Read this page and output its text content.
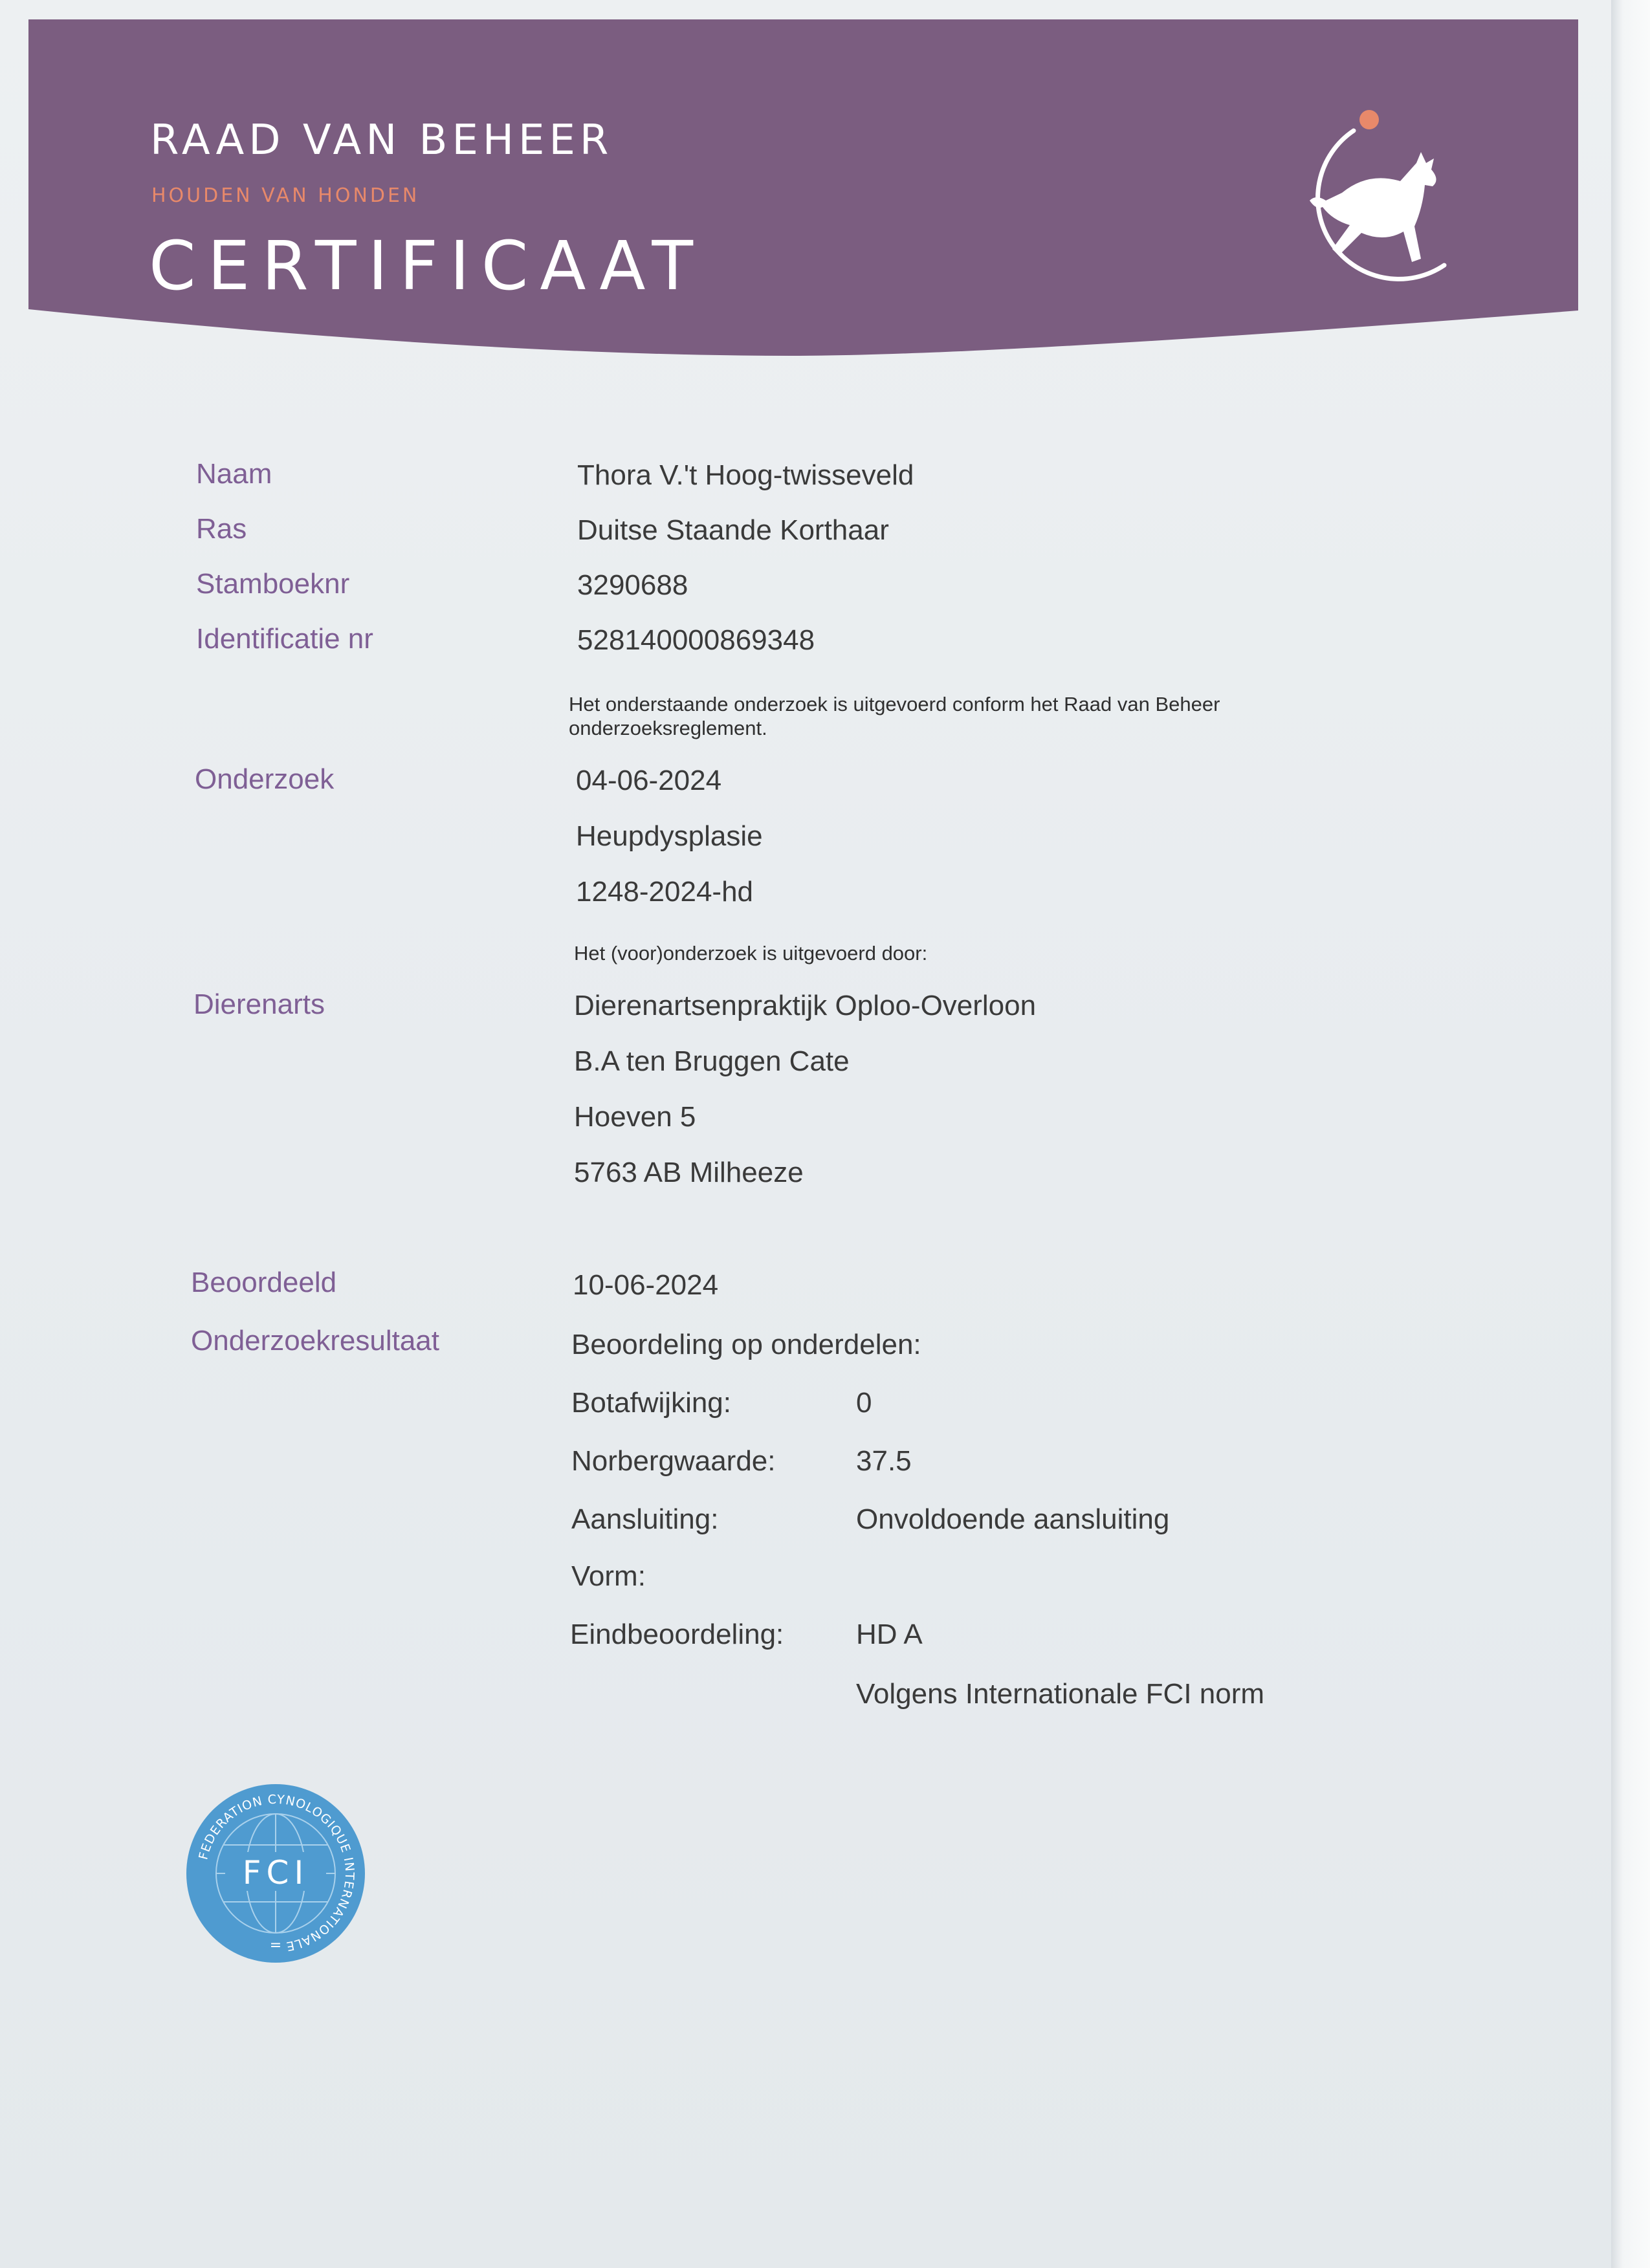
RAAD VAN BEHEER
HOUDEN VAN HONDEN
CERTIFICAAT
Naam	Thora V.'t Hoog-twisseveld
Ras	Duitse Staande Korthaar
Stamboeknr	3290688
Identificatie nr	528140000869348
Het onderstaande onderzoek is uitgevoerd conform het Raad van Beheer onderzoeksreglement.
Onderzoek	04-06-2024
Heupdysplasie
1248-2024-hd
Het (voor)onderzoek is uitgevoerd door:
Dierenarts	Dierenartsenpraktijk Oploo-Overloon
B.A ten Bruggen Cate
Hoeven 5
5763 AB Milheeze
Beoordeeld	10-06-2024
Onderzoekresultaat	Beoordeling op onderdelen:
Botafwijking:	0
Norbergwaarde:	37.5
Aansluiting:	Onvoldoende aansluiting
Vorm:
Eindbeoordeling:	HD A
Volgens Internationale FCI norm
FCI
FEDERATION CYNOLOGIQUE INTERNATIONALE
=
